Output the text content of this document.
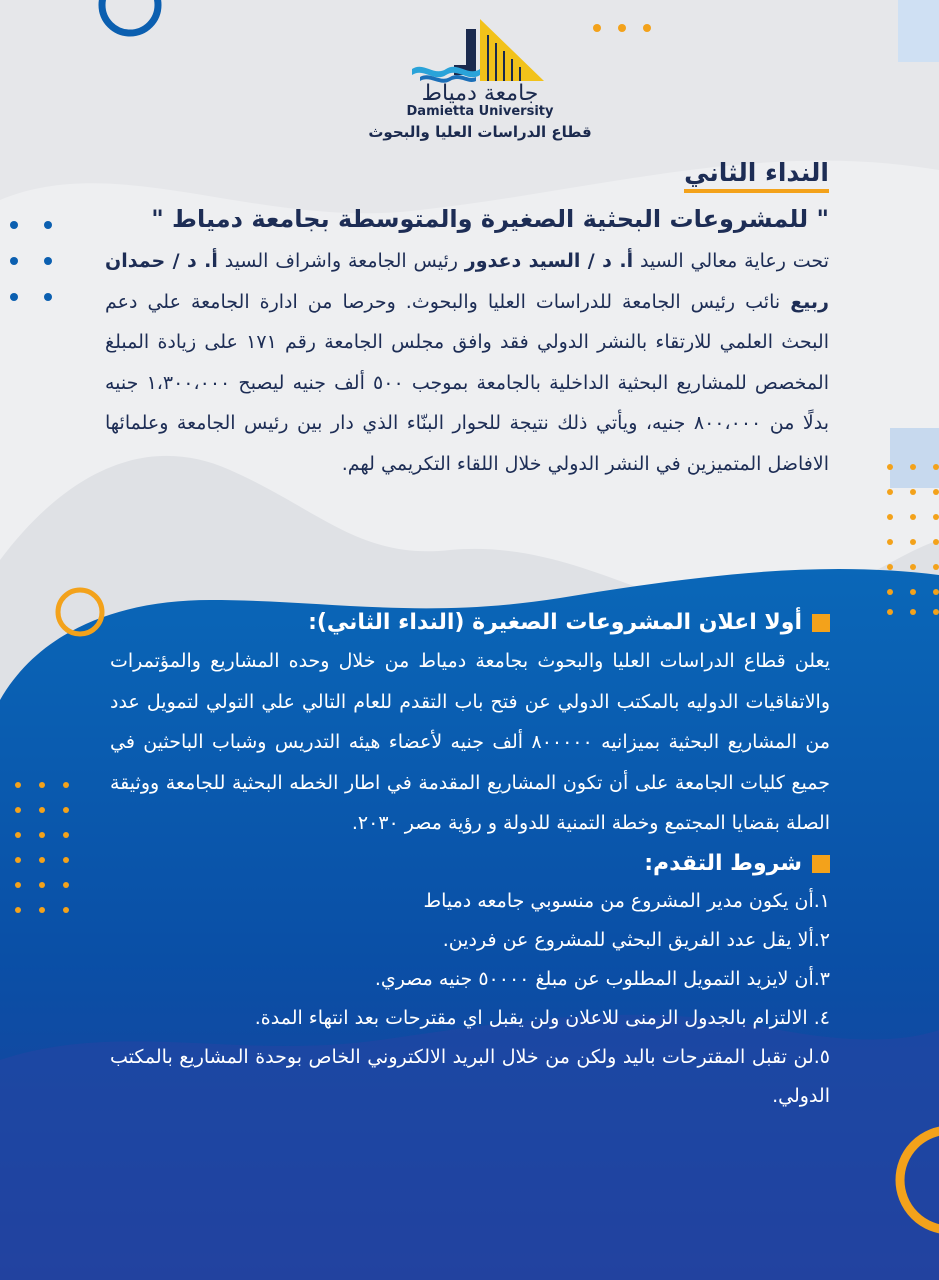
جامعة دمياط
Damietta University
قطاع الدراسات العليا والبحوث
النداء الثاني
" للمشروعات البحثية الصغيرة والمتوسطة بجامعة دمياط "
تحت رعاية معالي السيد أ. د / السيد دعدور رئيس الجامعة واشراف السيد أ. د / حمدان ربيع نائب رئيس الجامعة للدراسات العليا والبحوث. وحرصا من ادارة الجامعة علي دعم البحث العلمي للارتقاء بالنشر الدولي فقد وافق مجلس الجامعة رقم ١٧١ على زيادة المبلغ المخصص للمشاريع البحثية الداخلية بالجامعة بموجب ٥٠٠ ألف جنيه ليصبح ١،٣٠٠،٠٠٠ جنيه بدلًا من ٨٠٠،٠٠٠ جنيه، ويأتي ذلك نتيجة للحوار البنّاء الذي دار بين رئيس الجامعة وعلمائها الافاضل المتميزين في النشر الدولي خلال اللقاء التكريمي لهم.
أولا اعلان المشروعات الصغيرة (النداء الثاني):
يعلن قطاع الدراسات العليا والبحوث بجامعة دمياط من خلال وحده المشاريع والمؤتمرات والاتفاقيات الدوليه بالمكتب الدولي عن فتح باب التقدم للعام التالي علي التولي لتمويل عدد من المشاريع البحثية بميزانيه ٨٠٠٠٠٠ ألف جنيه لأعضاء هيئه التدريس وشباب الباحثين في جميع كليات الجامعة على أن تكون المشاريع المقدمة في اطار الخطه البحثية للجامعة ووثيقة الصلة بقضايا المجتمع وخطة التمنية للدولة و رؤية مصر ٢٠٣٠.
شروط التقدم:
١.أن يكون مدير المشروع من منسوبي جامعه دمياط
٢.ألا يقل عدد الفريق البحثي للمشروع عن فردين.
٣.أن لايزيد التمويل المطلوب عن مبلغ ٥٠٠٠٠ جنيه مصري.
٤. الالتزام بالجدول الزمنى للاعلان ولن يقبل اي مقترحات بعد انتهاء المدة.
٥.لن تقبل المقترحات باليد ولكن من خلال البريد الالكتروني الخاص بوحدة المشاريع بالمكتب الدولي.
